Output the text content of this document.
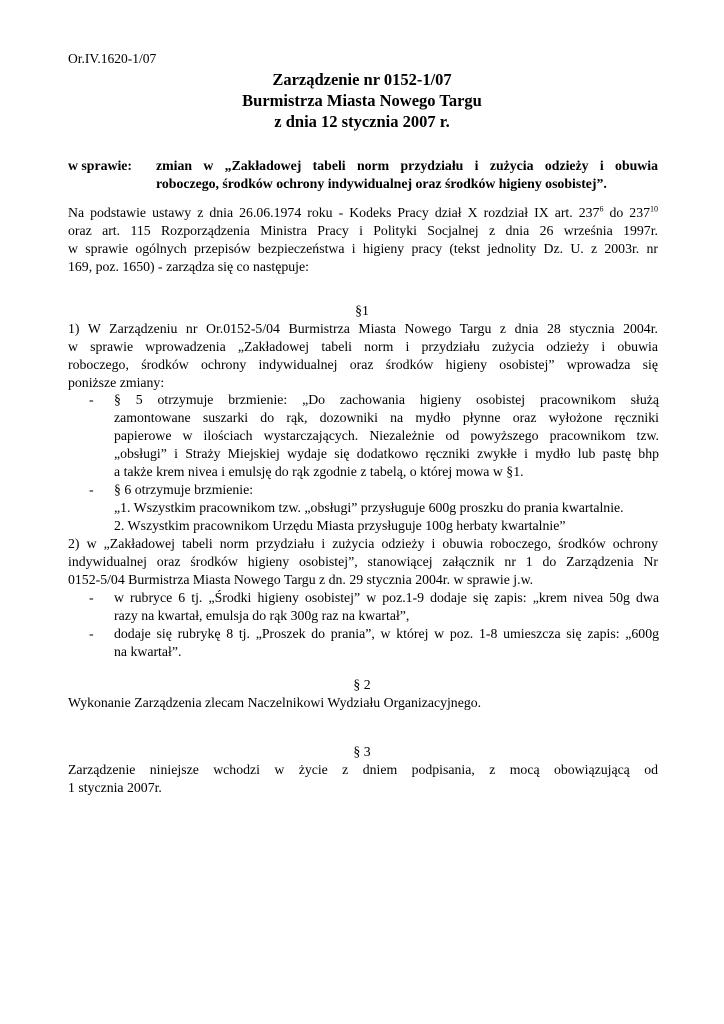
Or.IV.1620-1/07
Zarządzenie nr 0152-1/07
Burmistrza Miasta Nowego Targu
z dnia 12 stycznia 2007 r.
w sprawie: zmian w „Zakładowej tabeli norm przydziału i zużycia odzieży i obuwia
roboczego, środków ochrony indywidualnej oraz środków higieny osobistej”.
Na podstawie ustawy z dnia 26.06.1974 roku - Kodeks Pracy dział X rozdział IX art. $237^6$ do $237^{10}$
oraz art. 115 Rozporządzenia Ministra Pracy i Polityki Socjalnej z dnia 26 września 1997r.
w sprawie ogólnych przepisów bezpieczeństwa i higieny pracy (tekst jednolity Dz. U. z 2003r. nr
169, poz. 1650) - zarządza się co następuje:
§1
1) W Zarządzeniu nr Or.0152-5/04 Burmistrza Miasta Nowego Targu z dnia 28 stycznia 2004r.
w sprawie wprowadzenia „Zakładowej tabeli norm i przydziału zużycia odzieży i obuwia
roboczego, środków ochrony indywidualnej oraz środków higieny osobistej” wprowadza się
poniższe zmiany:
- § 5 otrzymuje brzmienie: „Do zachowania higieny osobistej pracownikom służą
zamontowane suszarki do rąk, dozowniki na mydło płynne oraz wyłożone ręczniki
papierowe w ilościach wystarczających. Niezależnie od powyższego pracownikom tzw.
„obsługi” i Straży Miejskiej wydaje się dodatkowo ręczniki zwykłe i mydło lub pastę bhp
a także krem nivea i emulsję do rąk zgodnie z tabelą, o której mowa w §1.
- § 6 otrzymuje brzmienie:
„1. Wszystkim pracownikom tzw. „obsługi” przysługuje 600g proszku do prania kwartalnie.
2. Wszystkim pracownikom Urzędu Miasta przysługuje 100g herbaty kwartalnie”
2) w „Zakładowej tabeli norm przydziału i zużycia odzieży i obuwia roboczego, środków ochrony
indywidualnej oraz środków higieny osobistej”, stanowiącej załącznik nr 1 do Zarządzenia Nr
0152-5/04 Burmistrza Miasta Nowego Targu z dn. 29 stycznia 2004r. w sprawie j.w.
- w rubryce 6 tj. „Środki higieny osobistej” w poz.1-9 dodaje się zapis: „krem nivea 50g dwa
razy na kwartał, emulsja do rąk 300g raz na kwartał”,
- dodaje się rubrykę 8 tj. „Proszek do prania”, w której w poz. 1-8 umieszcza się zapis: „600g
na kwartał”.
§ 2
Wykonanie Zarządzenia zlecam Naczelnikowi Wydziału Organizacyjnego.
§ 3
Zarządzenie niniejsze wchodzi w życie z dniem podpisania, z mocą obowiązującą od
1 stycznia 2007r.
